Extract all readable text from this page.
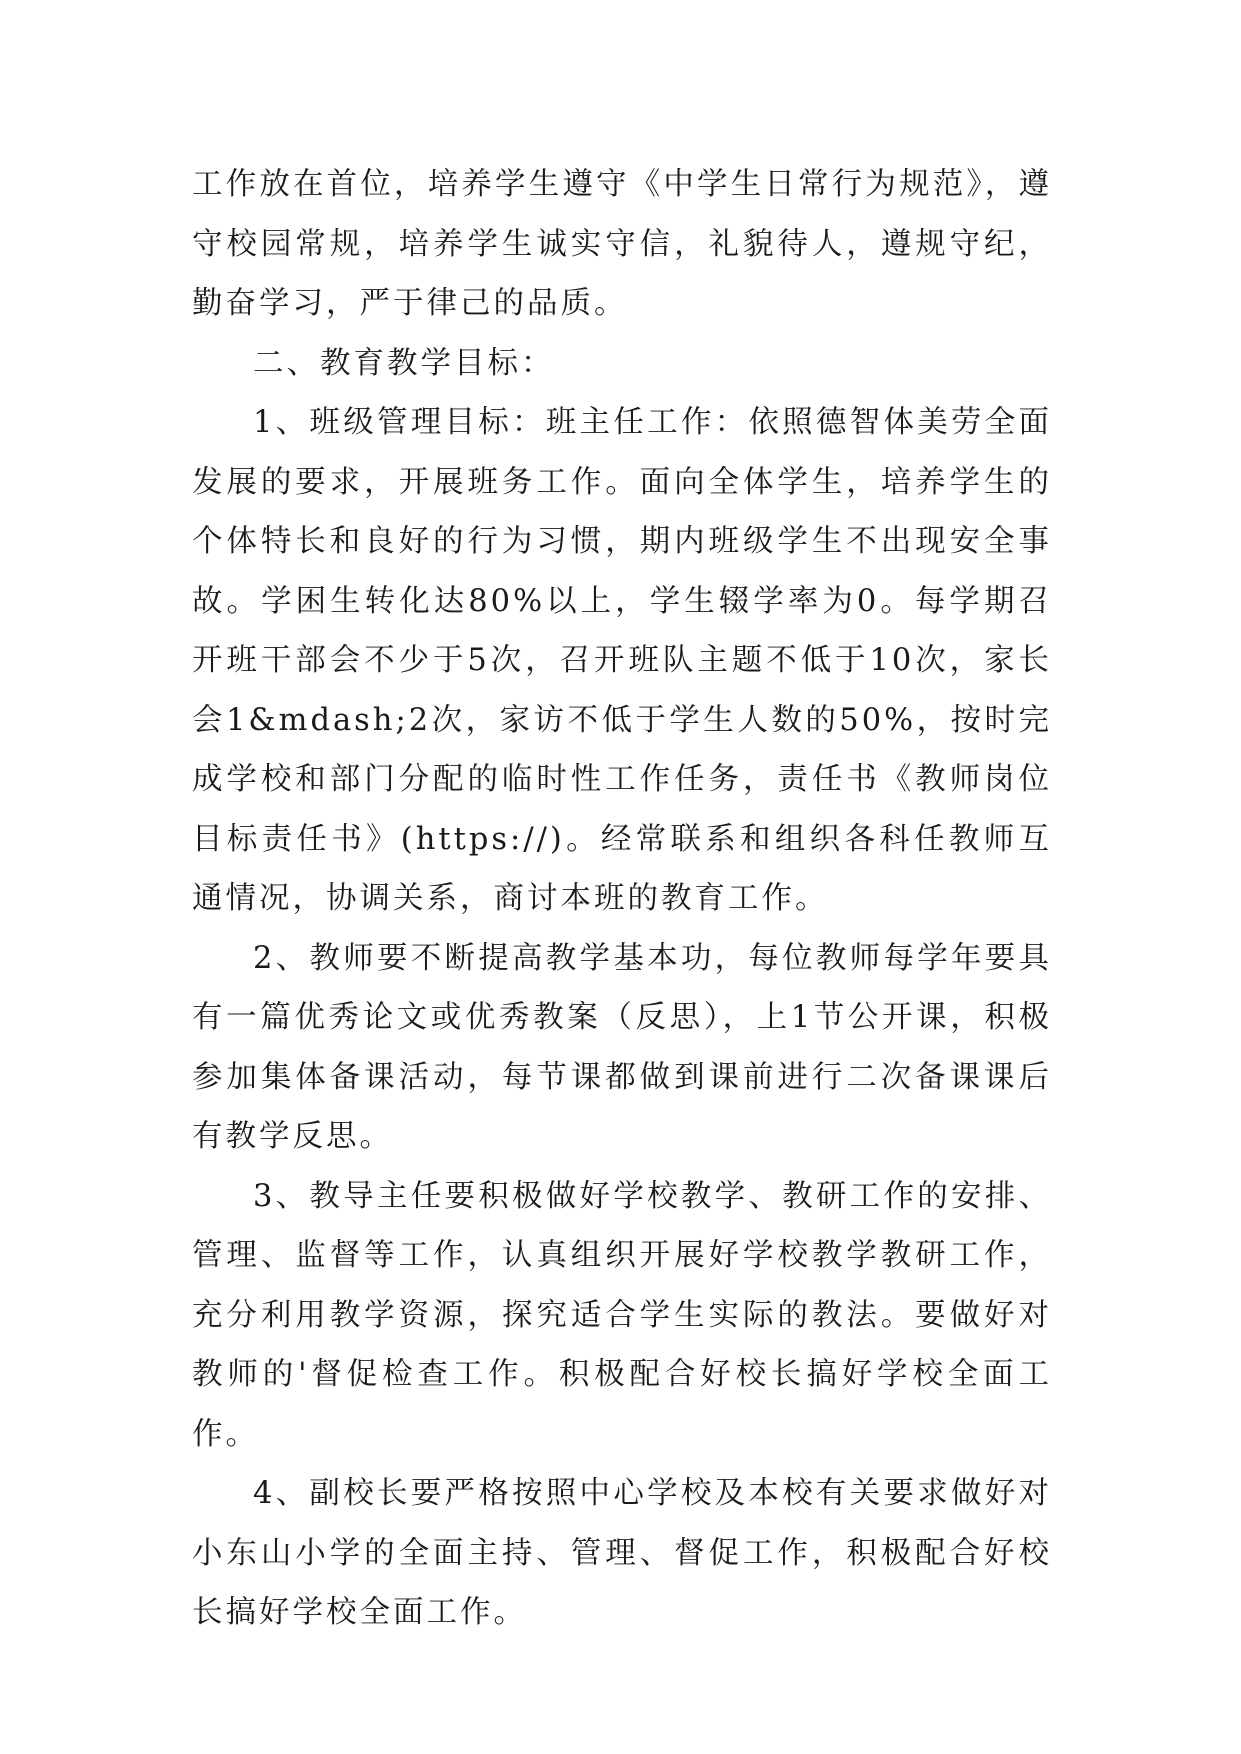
工作放在首位，培养学生遵守《中学生日常行为规范》，遵守校园常规，培养学生诚实守信，礼貌待人，遵规守纪，勤奋学习，严于律己的品质。

二、教育教学目标：

1、班级管理目标：班主任工作：依照德智体美劳全面发展的要求，开展班务工作。面向全体学生，培养学生的个体特长和良好的行为习惯，期内班级学生不出现安全事故。学困生转化达80%以上，学生辍学率为0。每学期召开班干部会不少于5次，召开班队主题不低于10次，家长会1&mdash;2次，家访不低于学生人数的50%，按时完成学校和部门分配的临时性工作任务，责任书《教师岗位目标责任书》(https://)。经常联系和组织各科任教师互通情况，协调关系，商讨本班的教育工作。

2、教师要不断提高教学基本功，每位教师每学年要具有一篇优秀论文或优秀教案（反思），上1节公开课，积极参加集体备课活动，每节课都做到课前进行二次备课课后有教学反思。

3、教导主任要积极做好学校教学、教研工作的安排、管理、监督等工作，认真组织开展好学校教学教研工作，充分利用教学资源，探究适合学生实际的教法。要做好对教师的'督促检查工作。积极配合好校长搞好学校全面工作。

4、副校长要严格按照中心学校及本校有关要求做好对小东山小学的全面主持、管理、督促工作，积极配合好校长搞好学校全面工作。
